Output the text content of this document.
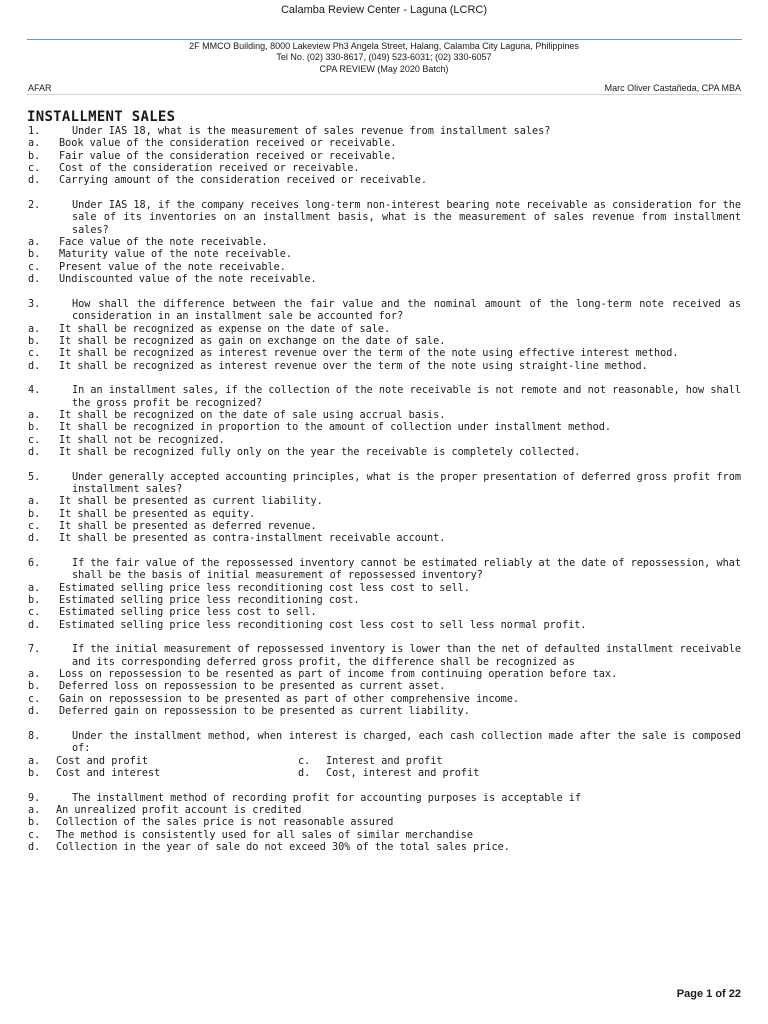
Calamba Review Center - Laguna (LCRC)
2F MMCO Building, 8000 Lakeview Ph3 Angela Street, Halang, Calamba City Laguna, Philippines
Tel No. (02) 330-8617, (049) 523-6031; (02) 330-6057
CPA REVIEW (May 2020 Batch)
AFAR	Marc Oliver Castañeda, CPA MBA
INSTALLMENT SALES
1.	Under IAS 18, what is the measurement of sales revenue from installment sales?
a.	Book value of the consideration received or receivable.
b.	Fair value of the consideration received or receivable.
c.	Cost of the consideration received or receivable.
d.	Carrying amount of the consideration received or receivable.
2.	Under IAS 18, if the company receives long-term non-interest bearing note receivable as consideration for the sale of its inventories on an installment basis, what is the measurement of sales revenue from installment sales?
a.	Face value of the note receivable.
b.	Maturity value of the note receivable.
c.	Present value of the note receivable.
d.	Undiscounted value of the note receivable.
3.	How shall the difference between the fair value and the nominal amount of the long-term note received as consideration in an installment sale be accounted for?
a.	It shall be recognized as expense on the date of sale.
b.	It shall be recognized as gain on exchange on the date of sale.
c.	It shall be recognized as interest revenue over the term of the note using effective interest method.
d.	It shall be recognized as interest revenue over the term of the note using straight-line method.
4.	In an installment sales, if the collection of the note receivable is not remote and not reasonable, how shall the gross profit be recognized?
a.	It shall be recognized on the date of sale using accrual basis.
b.	It shall be recognized in proportion to the amount of collection under installment method.
c.	It shall not be recognized.
d.	It shall be recognized fully only on the year the receivable is completely collected.
5.	Under generally accepted accounting principles, what is the proper presentation of deferred gross profit from installment sales?
a.	It shall be presented as current liability.
b.	It shall be presented as equity.
c.	It shall be presented as deferred revenue.
d.	It shall be presented as contra-installment receivable account.
6.	If the fair value of the repossessed inventory cannot be estimated reliably at the date of repossession, what shall be the basis of initial measurement of repossessed inventory?
a.	Estimated selling price less reconditioning cost less cost to sell.
b.	Estimated selling price less reconditioning cost.
c.	Estimated selling price less cost to sell.
d.	Estimated selling price less reconditioning cost less cost to sell less normal profit.
7.	If the initial measurement of repossessed inventory is lower than the net of defaulted installment receivable and its corresponding deferred gross profit, the difference shall be recognized as
a.	Loss on repossession to be resented as part of income from continuing operation before tax.
b.	Deferred loss on repossession to be presented as current asset.
c.	Gain on repossession to be presented as part of other comprehensive income.
d.	Deferred gain on repossession to be presented as current liability.
8.	Under the installment method, when interest is charged, each cash collection made after the sale is composed of:
a.	Cost and profit	c.	Interest and profit
b.	Cost and interest	d.	Cost, interest and profit
9.	The installment method of recording profit for accounting purposes is acceptable if
a.	An unrealized profit account is credited
b.	Collection of the sales price is not reasonable assured
c.	The method is consistently used for all sales of similar merchandise
d.	Collection in the year of sale do not exceed 30% of the total sales price.
Page 1 of 22
